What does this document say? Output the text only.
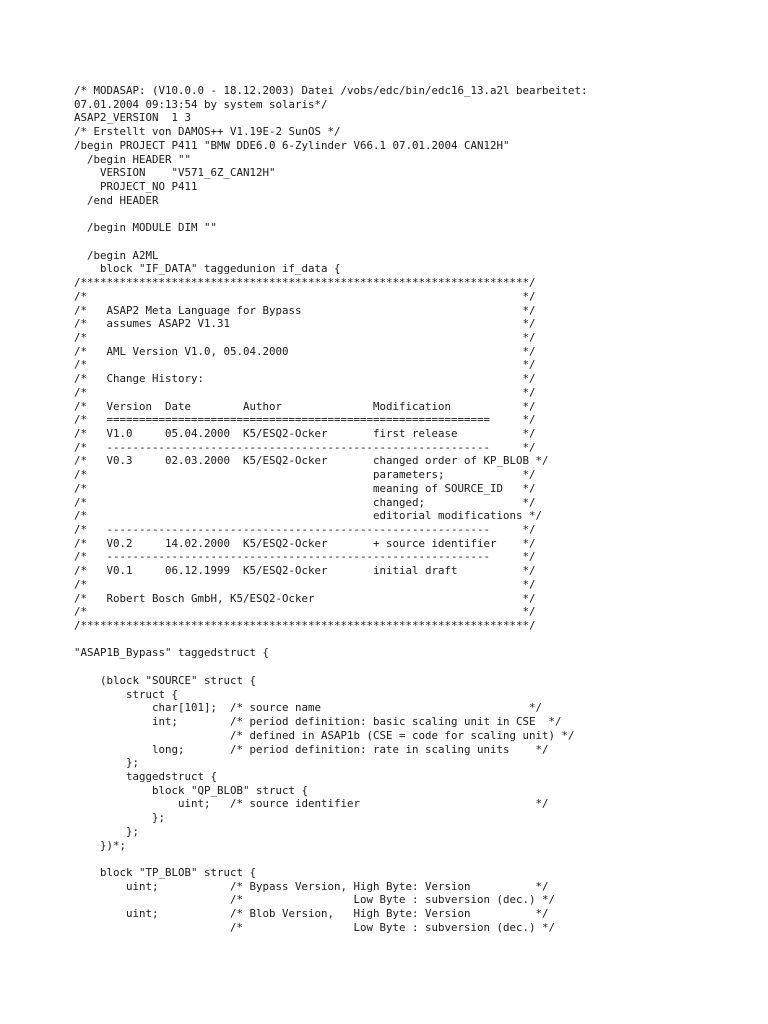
/* MODASAP: (V10.0.0 - 18.12.2003) Datei /vobs/edc/bin/edc16_13.a2l bearbeitet:
07.01.2004 09:13:54 by system solaris*/
ASAP2_VERSION  1 3
/* Erstellt von DAMOS++ V1.19E-2 SunOS */
/begin PROJECT P411 "BMW DDE6.0 6-Zylinder V66.1 07.01.2004 CAN12H"
/begin HEADER ""
VERSION    "V571_6Z_CAN12H"
PROJECT_NO P411
/end HEADER

/begin MODULE DIM ""

/begin A2ML
block "IF_DATA" taggedunion if_data {
/*********************************************************************/
/*                                                                   */
/*   ASAP2 Meta Language for Bypass                                  */
/*   assumes ASAP2 V1.31                                             */
/*                                                                   */
/*   AML Version V1.0, 05.04.2000                                    */
/*                                                                   */
/*   Change History:                                                 */
/*                                                                   */
/*   Version  Date        Author              Modification           */
/*   ===========================================================     */
/*   V1.0     05.04.2000  K5/ESQ2-Ocker       first release          */
/*   -----------------------------------------------------------     */
/*   V0.3     02.03.2000  K5/ESQ2-Ocker       changed order of KP_BLOB */
/*                                            parameters;            */
/*                                            meaning of SOURCE_ID   */
/*                                            changed;               */
/*                                            editorial modifications */
/*   -----------------------------------------------------------     */
/*   V0.2     14.02.2000  K5/ESQ2-Ocker       + source identifier    */
/*   -----------------------------------------------------------     */
/*   V0.1     06.12.1999  K5/ESQ2-Ocker       initial draft          */
/*                                                                   */
/*   Robert Bosch GmbH, K5/ESQ2-Ocker                                */
/*                                                                   */
/*********************************************************************/

"ASAP1B_Bypass" taggedstruct {

(block "SOURCE" struct {
struct {
char[101];  /* source name                                */
int;        /* period definition: basic scaling unit in CSE  */
/* defined in ASAP1b (CSE = code for scaling unit) */
long;       /* period definition: rate in scaling units    */
};
taggedstruct {
block "QP_BLOB" struct {
uint;   /* source identifier                           */
};
};
})*;

block "TP_BLOB" struct {
uint;           /* Bypass Version, High Byte: Version          */
/*                 Low Byte : subversion (dec.) */
uint;           /* Blob Version,   High Byte: Version          */
/*                 Low Byte : subversion (dec.) */
